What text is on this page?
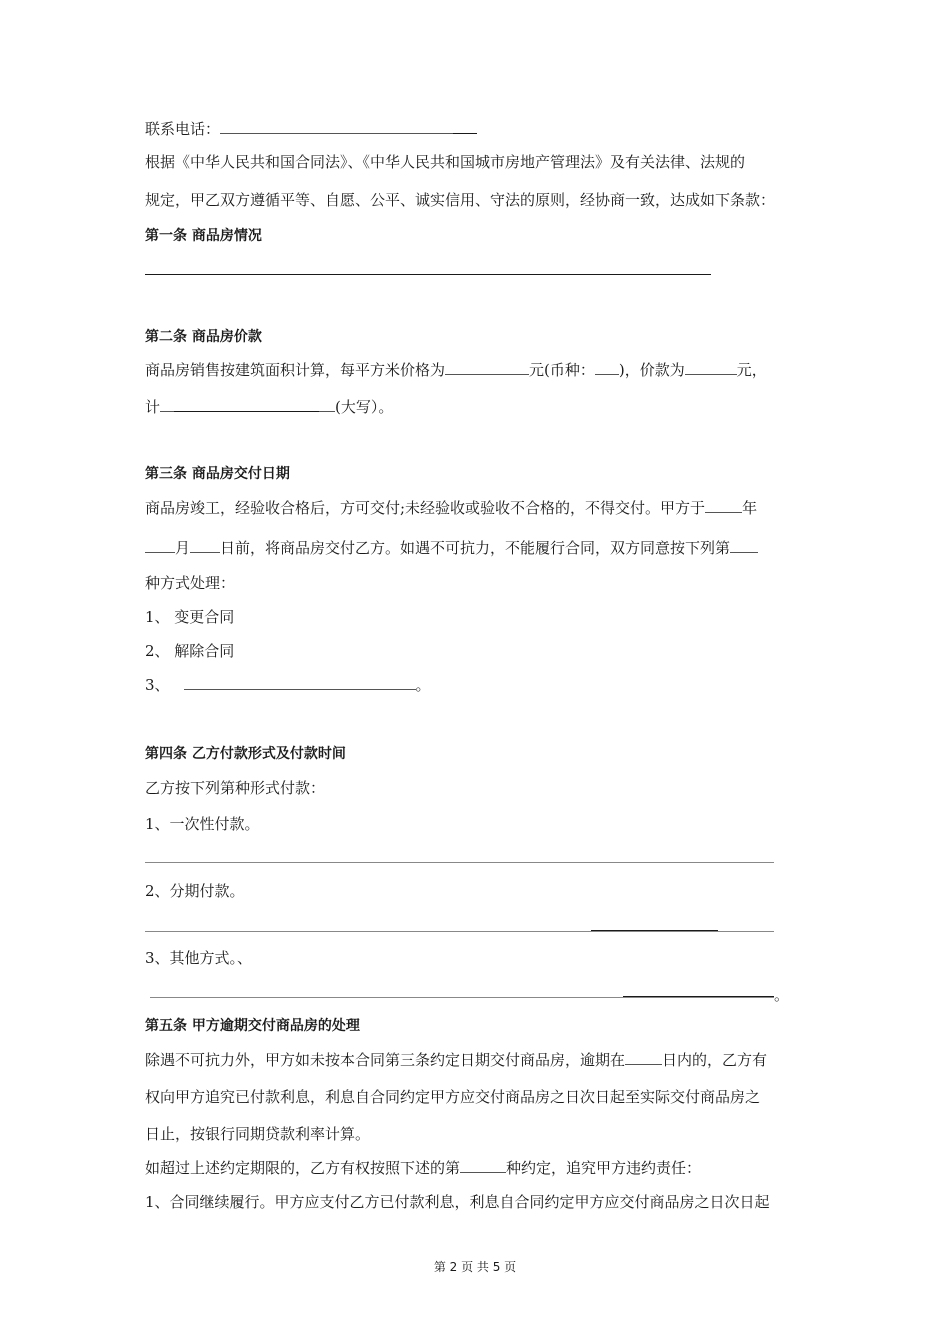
联系电话：
根据《中华人民共和国合同法》、《中华人民共和国城市房地产管理法》及有关法律、法规的
规定，甲乙双方遵循平等、自愿、公平、诚实信用、守法的原则，经协商一致，达成如下条款：
第一条 商品房情况
第二条 商品房价款
商品房销售按建筑面积计算，每平方米价格为	元(币种： )，价款为	元，
计	(大写）。
第三条 商品房交付日期
商品房竣工，经验收合格后，方可交付;未经验收或验收不合格的，不得交付。甲方于 年
月 日前，将商品房交付乙方。如遇不可抗力，不能履行合同，双方同意按下列第
种方式处理：
1、 变更合同
2、 解除合同
3、	。
第四条 乙方付款形式及付款时间
乙方按下列第种形式付款：
1、一次性付款。
2、分期付款。
3、其他方式。、
。
第五条 甲方逾期交付商品房的处理
除遇不可抗力外，甲方如未按本合同第三条约定日期交付商品房，逾期在 日内的，乙方有
权向甲方追究已付款利息，利息自合同约定甲方应交付商品房之日次日起至实际交付商品房之
日止，按银行同期贷款利率计算。
如超过上述约定期限的，乙方有权按照下述的第	种约定，追究甲方违约责任：
1、合同继续履行。甲方应支付乙方已付款利息，利息自合同约定甲方应交付商品房之日次日起
第 2 页 共 5 页
